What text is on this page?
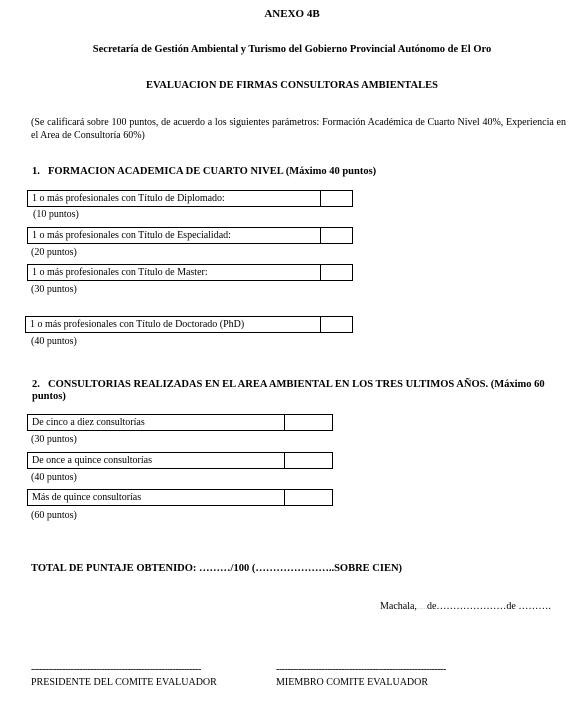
ANEXO 4B
Secretaría de Gestión Ambiental y Turismo del Gobierno Provincial Autónomo de El Oro
EVALUACION DE FIRMAS CONSULTORAS AMBIENTALES
(Se calificará sobre 100 puntos, de acuerdo a los siguientes parámetros: Formación Académica de Cuarto Nivel 40%, Experiencia en el Area de Consultoría 60%)
1. FORMACION ACADEMICA DE CUARTO NIVEL (Máximo 40 puntos)
1 o más profesionales con Título de Diplomado:
(10 puntos)
1 o más profesionales con Título de Especialidad:
(20 puntos)
1 o más profesionales con Título de Master:
(30 puntos)
1 o más profesionales con Título de Doctorado (PhD)
(40 puntos)
2. CONSULTORIAS REALIZADAS EN EL AREA AMBIENTAL EN LOS TRES ULTIMOS AÑOS. (Máximo 60 puntos)
De cinco a diez consultorías
(30 puntos)
De once a quince consultorías
(40 puntos)
Más de quince consultorías
(60 puntos)
TOTAL DE PUNTAJE OBTENIDO: ………/100 (…………………..SOBRE CIEN)
Machala,……de…………………de ……….
------------------------------------------------------------
PRESIDENTE DEL COMITE EVALUADOR
------------------------------------------------------------
MIEMBRO COMITE EVALUADOR
